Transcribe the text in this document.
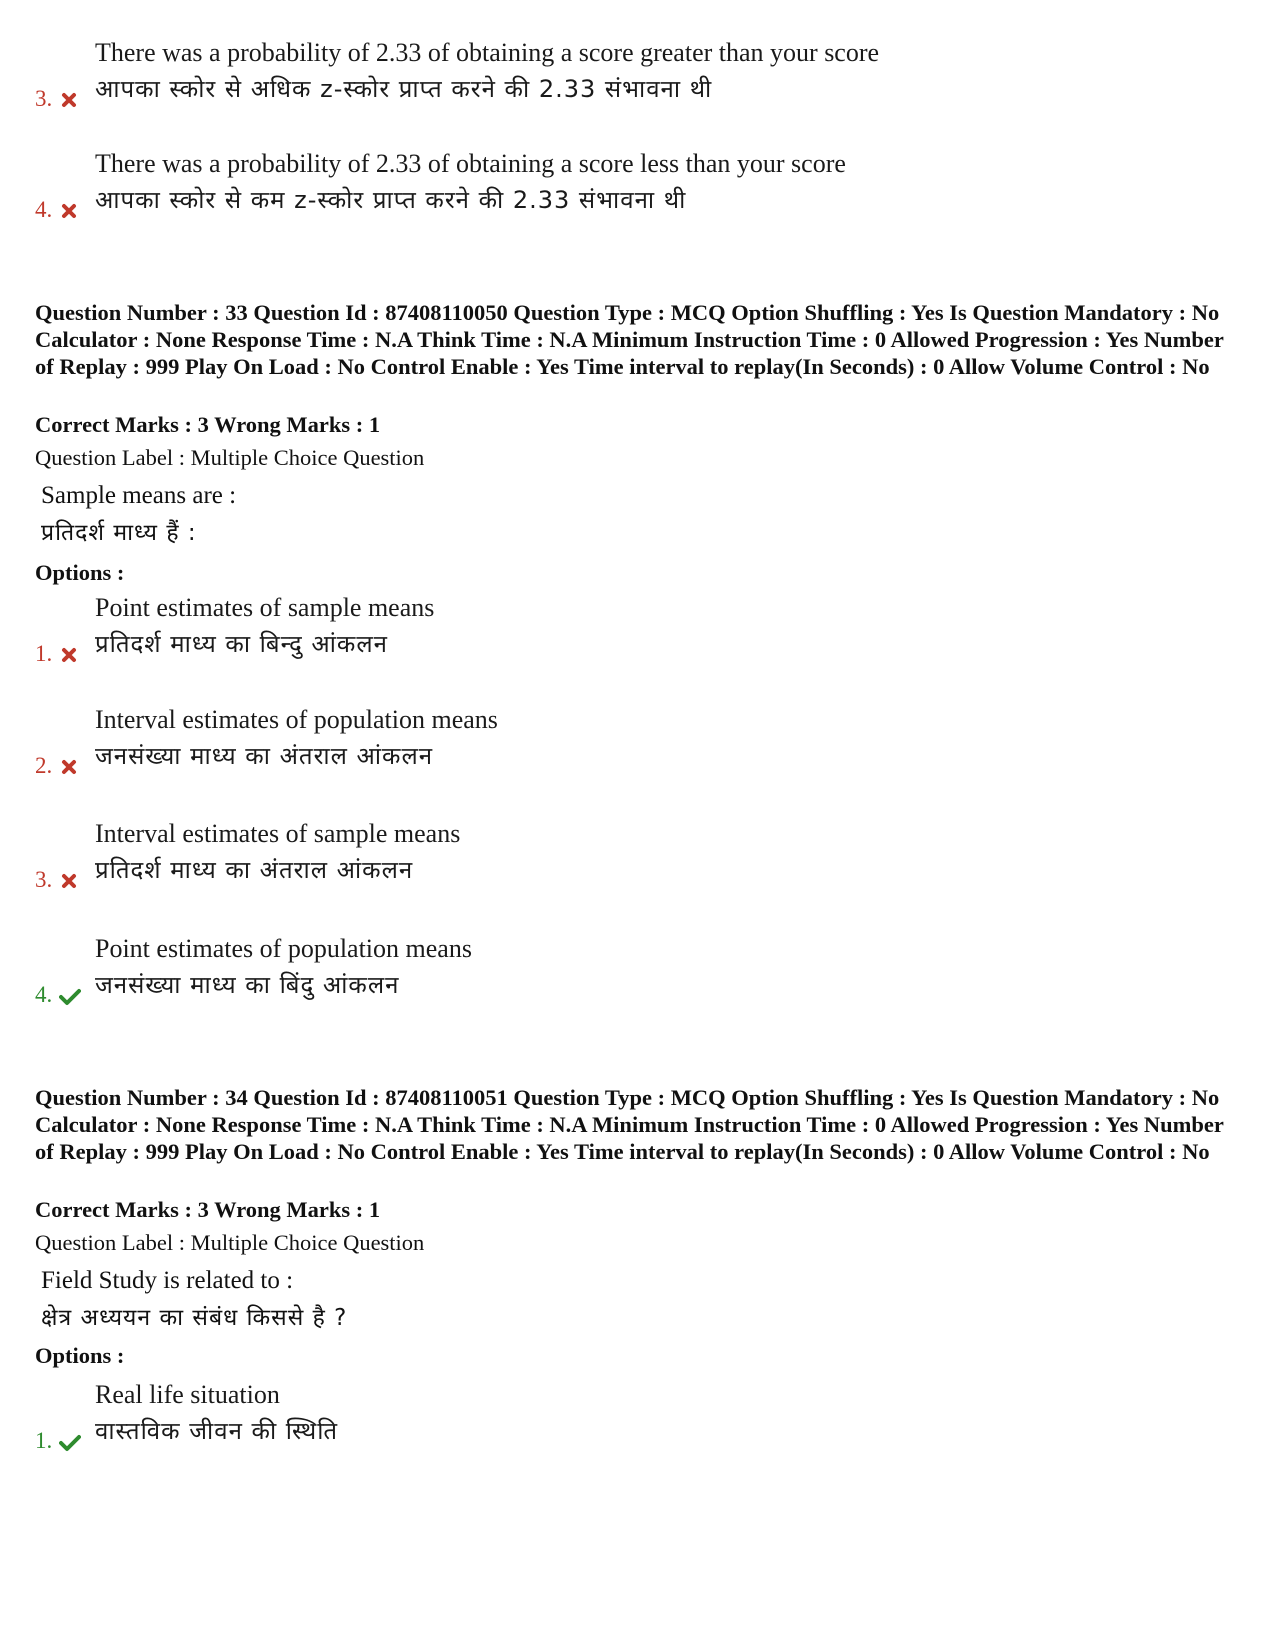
There was a probability of 2.33 of obtaining a score greater than your score
आपका स्कोर से अधिक z-स्कोर प्राप्त करने की 2.33 संभावना थी
3.
There was a probability of 2.33 of obtaining a score less than your score
आपका स्कोर से कम z-स्कोर प्राप्त करने की 2.33 संभावना थी
4.
Question Number : 33 Question Id : 87408110050 Question Type : MCQ Option Shuffling : Yes Is Question Mandatory : No Calculator : None Response Time : N.A Think Time : N.A Minimum Instruction Time : 0 Allowed Progression : Yes Number of Replay : 999 Play On Load : No Control Enable : Yes Time interval to replay(In Seconds) : 0 Allow Volume Control : No
Correct Marks : 3 Wrong Marks : 1
Question Label : Multiple Choice Question
Sample means are :
प्रतिदर्श माध्य हैं :
Options :
Point estimates of sample means
प्रतिदर्श माध्य का बिन्दु आंकलन
1.
Interval estimates of population means
जनसंख्या माध्य का अंतराल आंकलन
2.
Interval estimates of sample means
प्रतिदर्श माध्य का अंतराल आंकलन
3.
Point estimates of population means
जनसंख्या माध्य का बिंदु आंकलन
4.
Question Number : 34 Question Id : 87408110051 Question Type : MCQ Option Shuffling : Yes Is Question Mandatory : No Calculator : None Response Time : N.A Think Time : N.A Minimum Instruction Time : 0 Allowed Progression : Yes Number of Replay : 999 Play On Load : No Control Enable : Yes Time interval to replay(In Seconds) : 0 Allow Volume Control : No
Correct Marks : 3 Wrong Marks : 1
Question Label : Multiple Choice Question
Field Study is related to :
क्षेत्र अध्ययन का संबंध किससे है ?
Options :
Real life situation
वास्तविक जीवन की स्थिति
1.
